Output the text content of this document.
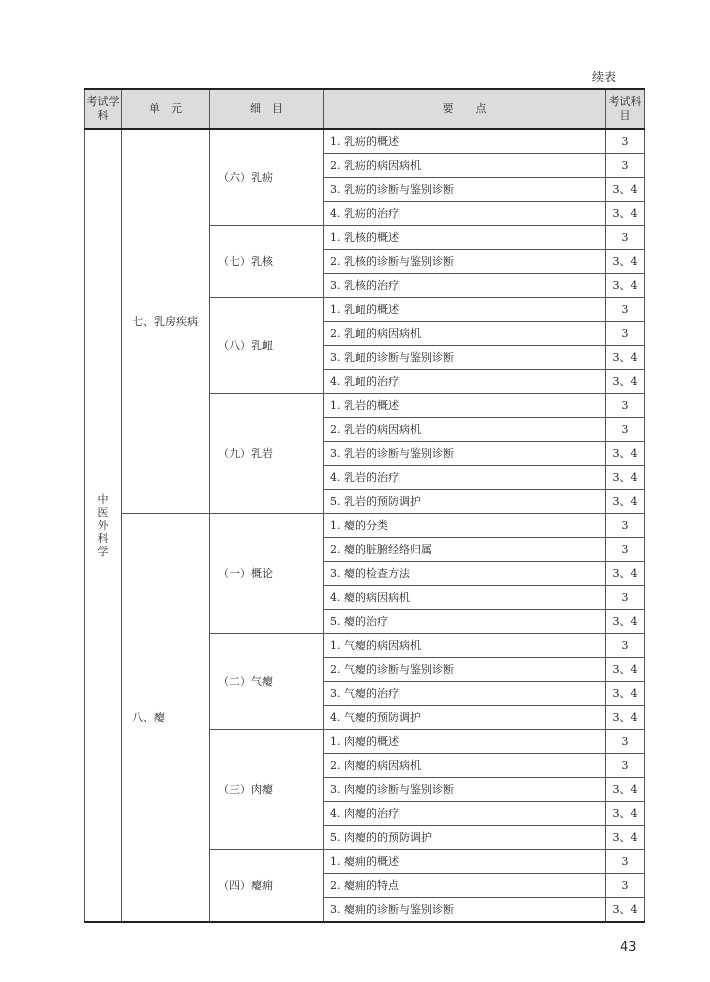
续表
考试学科	单　元	细　目	要　　点	考试科目
中医外科学	七、乳房疾病	（六）乳疬	1. 乳疬的概述	3
			2. 乳疬的病因病机	3
			3. 乳疬的诊断与鉴别诊断	3、4
			4. 乳疬的治疗	3、4
		（七）乳核	1. 乳核的概述	3
			2. 乳核的诊断与鉴别诊断	3、4
			3. 乳核的治疗	3、4
		（八）乳衄	1. 乳衄的概述	3
			2. 乳衄的病因病机	3
			3. 乳衄的诊断与鉴别诊断	3、4
			4. 乳衄的治疗	3、4
		（九）乳岩	1. 乳岩的概述	3
			2. 乳岩的病因病机	3
			3. 乳岩的诊断与鉴别诊断	3、4
			4. 乳岩的治疗	3、4
			5. 乳岩的预防调护	3、4
	八、瘿	（一）概论	1. 瘿的分类	3
			2. 瘿的脏腑经络归属	3
			3. 瘿的检查方法	3、4
			4. 瘿的病因病机	3
			5. 瘿的治疗	3、4
		（二）气瘿	1. 气瘿的病因病机	3
			2. 气瘿的诊断与鉴别诊断	3、4
			3. 气瘿的治疗	3、4
			4. 气瘿的预防调护	3、4
		（三）肉瘿	1. 肉瘿的概述	3
			2. 肉瘿的病因病机	3
			3. 肉瘿的诊断与鉴别诊断	3、4
			4. 肉瘿的治疗	3、4
			5. 肉瘿的的预防调护	3、4
		（四）瘿痈	1. 瘿痈的概述	3
			2. 瘿痈的特点	3
			3. 瘿痈的诊断与鉴别诊断	3、4
43
